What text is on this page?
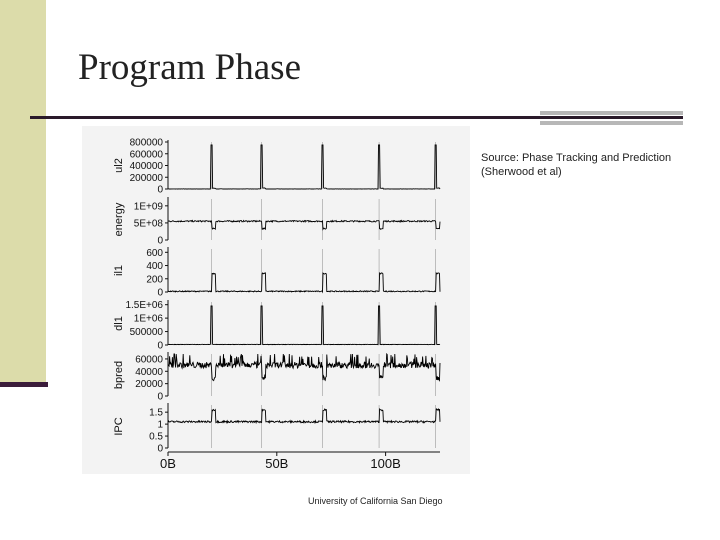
Program Phase
800000
600000
400000
200000
0
ul2
1E+09
5E+08
0
energy
600
400
200
0
il1
1.5E+06
1E+06
500000
0
dl1
60000
40000
20000
0
bpred
1.5
1
0.5
0
IPC
0B	50B	100B
Source: Phase Tracking and Prediction
(Sherwood et al)
University of California San Diego
